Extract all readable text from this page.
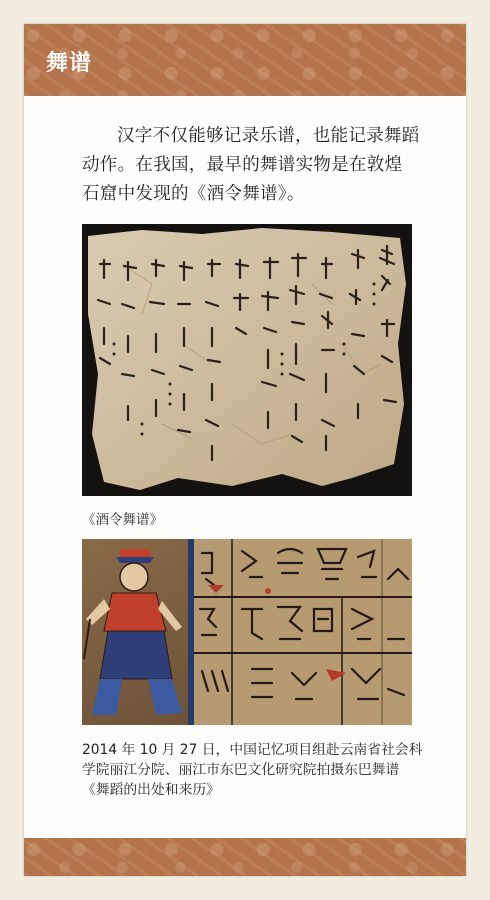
舞谱

汉字不仅能够记录乐谱，也能记录舞蹈动作。在我国，最早的舞谱实物是在敦煌石窟中发现的《酒令舞谱》。

《酒令舞谱》

2014 年 10 月 27 日，中国记忆项目组赴云南省社会科学院丽江分院、丽江市东巴文化研究院拍摄东巴舞谱《舞蹈的出处和来历》
